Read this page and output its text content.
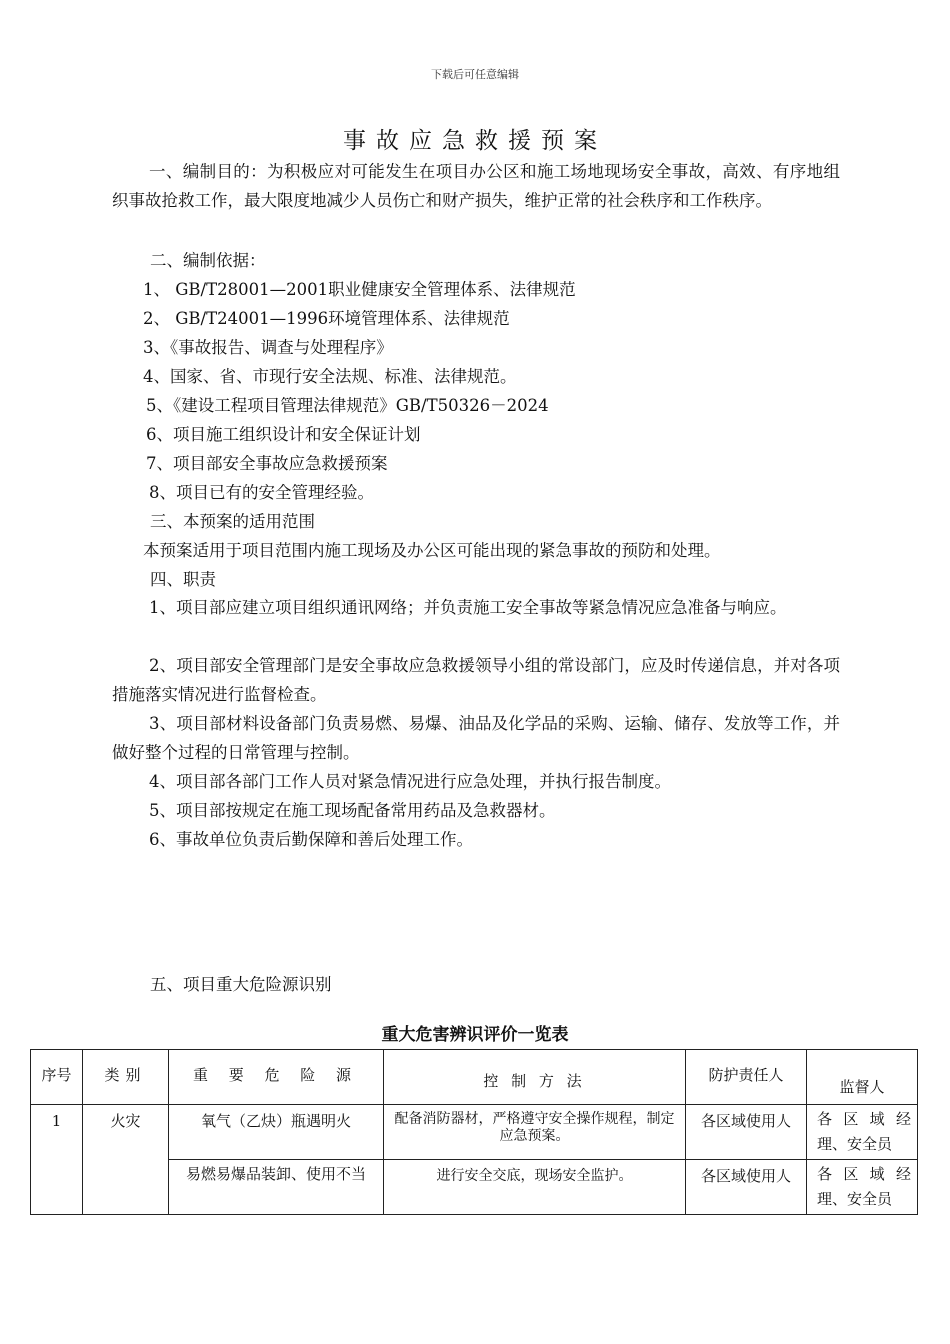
下载后可任意编辑
事故应急救援预案
一、编制目的：为积极应对可能发生在项目办公区和施工场地现场安全事故，高效、有序地组织事故抢救工作，最大限度地减少人员伤亡和财产损失，维护正常的社会秩序和工作秩序。
二、编制依据：
1、 GB/T28001—2001职业健康安全管理体系、法律规范
2、 GB/T24001—1996环境管理体系、法律规范
3、《事故报告、调查与处理程序》
4、国家、省、市现行安全法规、标准、法律规范。
5、《建设工程项目管理法律规范》GB/T50326－2024
6、项目施工组织设计和安全保证计划
7、项目部安全事故应急救援预案
8、项目已有的安全管理经验。
三、本预案的适用范围
本预案适用于项目范围内施工现场及办公区可能出现的紧急事故的预防和处理。
四、职责
1、项目部应建立项目组织通讯网络；并负责施工安全事故等紧急情况应急准备与响应。
2、项目部安全管理部门是安全事故应急救援领导小组的常设部门，应及时传递信息，并对各项措施落实情况进行监督检查。
3、项目部材料设备部门负责易燃、易爆、油品及化学品的采购、运输、储存、发放等工作，并做好整个过程的日常管理与控制。
4、项目部各部门工作人员对紧急情况进行应急处理，并执行报告制度。
5、项目部按规定在施工现场配备常用药品及急救器材。
6、事故单位负责后勤保障和善后处理工作。
五、项目重大危险源识别
重大危害辨识评价一览表
序号	类别	重 要 危 险 源	控 制 方 法	防护责任人	监督人

1	火灾	氧气（乙炔）瓶遇明火	配备消防器材，严格遵守安全操作规程，制定应急预案。	各区域使用人	各 区 域 经
理、安全员

		易燃易爆品装卸、使用不当	进行安全交底，现场安全监护。	各区域使用人	各 区 域 经
理、安全员
